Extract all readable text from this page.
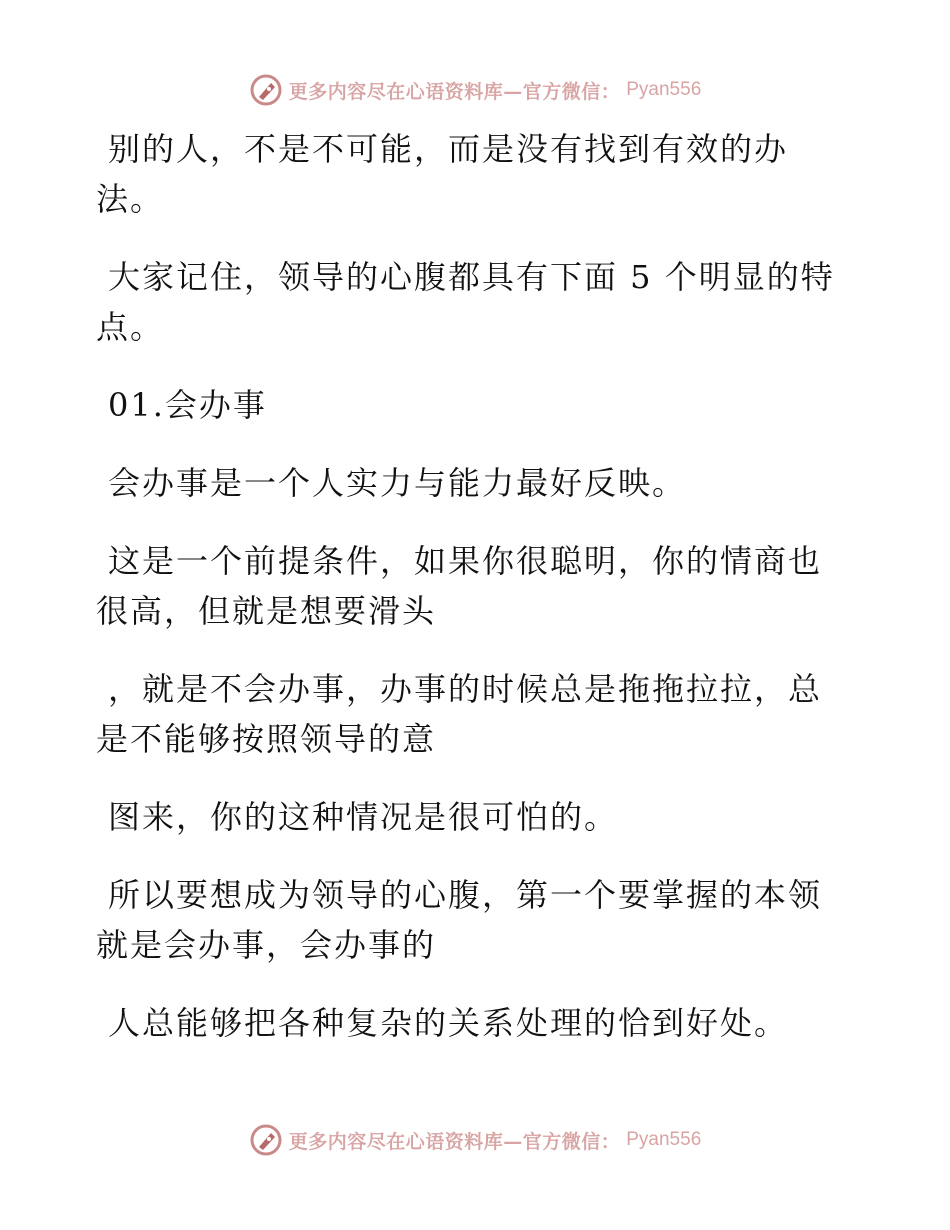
更多内容尽在心语资料库—官方微信： Pyan556

别的人，不是不可能，而是没有找到有效的办法。

大家记住，领导的心腹都具有下面 5 个明显的特点。

01.会办事

会办事是一个人实力与能力最好反映。

这是一个前提条件，如果你很聪明，你的情商也很高，但就是想要滑头

，就是不会办事，办事的时候总是拖拖拉拉，总是不能够按照领导的意

图来，你的这种情况是很可怕的。

所以要想成为领导的心腹，第一个要掌握的本领就是会办事，会办事的

人总能够把各种复杂的关系处理的恰到好处。

更多内容尽在心语资料库—官方微信： Pyan556
